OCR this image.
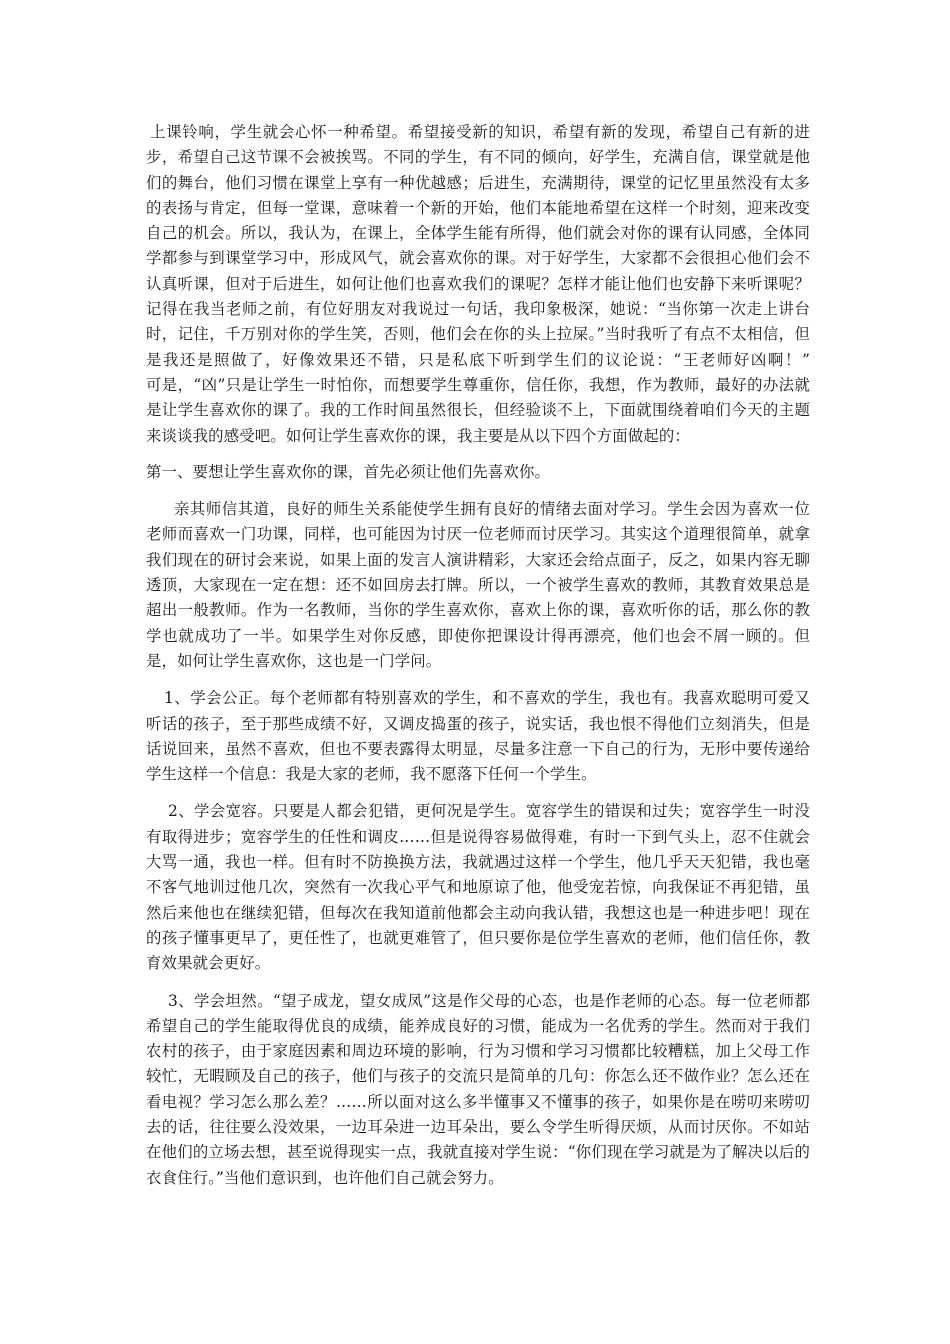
上课铃响，学生就会心怀一种希望。希望接受新的知识，希望有新的发现，希望自己有新的进步，希望自己这节课不会被挨骂。不同的学生，有不同的倾向，好学生，充满自信，课堂就是他们的舞台，他们习惯在课堂上享有一种优越感；后进生，充满期待，课堂的记忆里虽然没有太多的表扬与肯定，但每一堂课，意味着一个新的开始，他们本能地希望在这样一个时刻，迎来改变自己的机会。所以，我认为，在课上，全体学生能有所得，他们就会对你的课有认同感，全体同学都参与到课堂学习中，形成风气，就会喜欢你的课。对于好学生，大家都不会很担心他们会不认真听课，但对于后进生，如何让他们也喜欢我们的课呢？怎样才能让他们也安静下来听课呢？记得在我当老师之前，有位好朋友对我说过一句话，我印象极深，她说：“当你第一次走上讲台时，记住，千万别对你的学生笑，否则，他们会在你的头上拉屎。”当时我听了有点不太相信，但是我还是照做了，好像效果还不错，只是私底下听到学生们的议论说：“王老师好凶啊！”　　　可是，“凶”只是让学生一时怕你，而想要学生尊重你，信任你，我想，作为教师，最好的办法就是让学生喜欢你的课了。我的工作时间虽然很长，但经验谈不上，下面就围绕着咱们今天的主题来谈谈我的感受吧。如何让学生喜欢你的课，我主要是从以下四个方面做起的：

第一、要想让学生喜欢你的课，首先必须让他们先喜欢你。

亲其师信其道，良好的师生关系能使学生拥有良好的情绪去面对学习。学生会因为喜欢一位老师而喜欢一门功课，同样，也可能因为讨厌一位老师而讨厌学习。其实这个道理很简单，就拿我们现在的研讨会来说，如果上面的发言人演讲精彩，大家还会给点面子，反之，如果内容无聊透顶，大家现在一定在想：还不如回房去打牌。所以，一个被学生喜欢的教师，其教育效果总是超出一般教师。作为一名教师，当你的学生喜欢你，喜欢上你的课，喜欢听你的话，那么你的教学也就成功了一半。如果学生对你反感，即使你把课设计得再漂亮，他们也会不屑一顾的。但是，如何让学生喜欢你，这也是一门学问。

1、学会公正。每个老师都有特别喜欢的学生，和不喜欢的学生，我也有。我喜欢聪明可爱又听话的孩子，至于那些成绩不好，又调皮捣蛋的孩子，说实话，我也恨不得他们立刻消失，但是话说回来，虽然不喜欢，但也不要表露得太明显，尽量多注意一下自己的行为，无形中要传递给学生这样一个信息：我是大家的老师，我不愿落下任何一个学生。

2、学会宽容。只要是人都会犯错，更何况是学生。宽容学生的错误和过失；宽容学生一时没有取得进步；宽容学生的任性和调皮……但是说得容易做得难，有时一下到气头上，忍不住就会大骂一通，我也一样。但有时不防换换方法，我就遇过这样一个学生，他几乎天天犯错，我也毫不客气地训过他几次，突然有一次我心平气和地原谅了他，他受宠若惊，向我保证不再犯错，虽然后来他也在继续犯错，但每次在我知道前他都会主动向我认错，我想这也是一种进步吧！现在的孩子懂事更早了，更任性了，也就更难管了，但只要你是位学生喜欢的老师，他们信任你，教育效果就会更好。

3、学会坦然。“望子成龙，望女成凤”这是作父母的心态，也是作老师的心态。每一位老师都希望自己的学生能取得优良的成绩，能养成良好的习惯，能成为一名优秀的学生。然而对于我们农村的孩子，由于家庭因素和周边环境的影响，行为习惯和学习习惯都比较糟糕，加上父母工作较忙，无暇顾及自己的孩子，他们与孩子的交流只是简单的几句：你怎么还不做作业？怎么还在看电视？学习怎么那么差？……所以面对这么多半懂事又不懂事的孩子，如果你是在唠叨来唠叨去的话，往往要么没效果，一边耳朵进一边耳朵出，要么令学生听得厌烦，从而讨厌你。不如站在他们的立场去想，甚至说得现实一点，我就直接对学生说：“你们现在学习就是为了解决以后的衣食住行。”当他们意识到，也许他们自己就会努力。
